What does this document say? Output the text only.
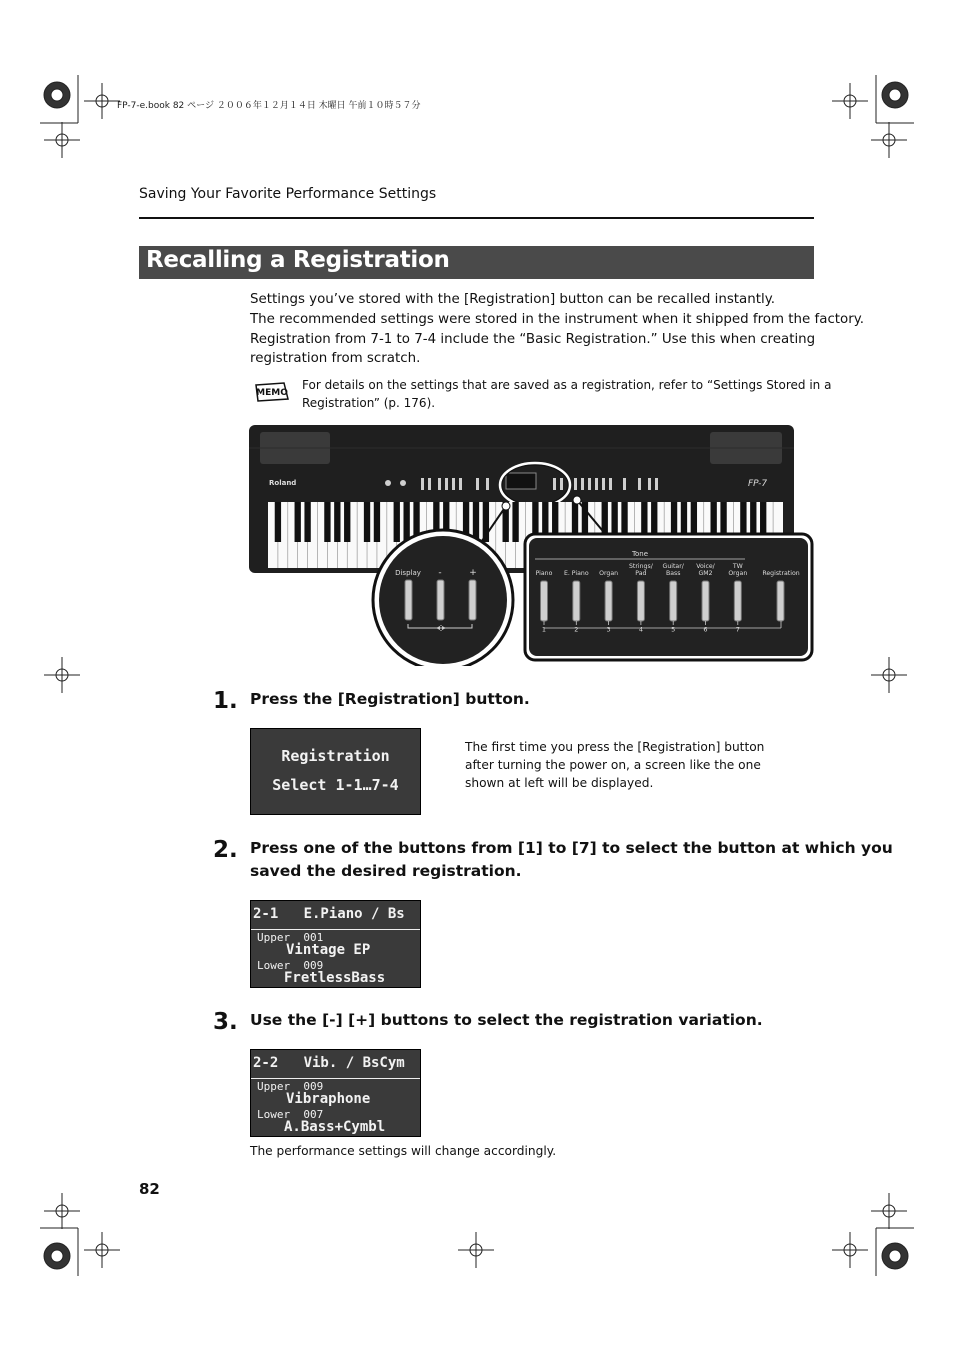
FP-7-e.book 82 ページ ２００６年１２月１４日 木曜日 午前１０時５７分
Saving Your Favorite Performance Settings
Recalling a Registration
Settings you’ve stored with the [Registration] button can be recalled instantly.
The recommended settings were stored in the instrument when it shipped from the factory.
Registration from 7-1 to 7-4 include the “Basic Registration.” Use this when creating
registration from scratch.
MEMO
For details on the settings that are saved as a registration, refer to “Settings Stored in a
Registration” (p. 176).
Roland	FP-7
Display -	+
Tone
Piano
1
E. Piano
2
Organ
3
Strings/
Pad
4
Guitar/
Bass
5
Voice/
GM2
6
TW
Organ
7
Registration
1. Press the [Registration] button.
Registration
Select 1-1…7-4
The first time you press the [Registration] button
after turning the power on, a screen like the one
shown at left will be displayed.
2. Press one of the buttons from [1] to [7] to select the button at which you
saved the desired registration.
2-1   E.Piano / Bs
Upper  001
Vintage EP
Lower  009
FretlessBass
3. Use the [-] [+] buttons to select the registration variation.
2-2   Vib. / BsCym
Upper  009
Vibraphone
Lower  007
A.Bass+Cymbl
The performance settings will change accordingly.
82
